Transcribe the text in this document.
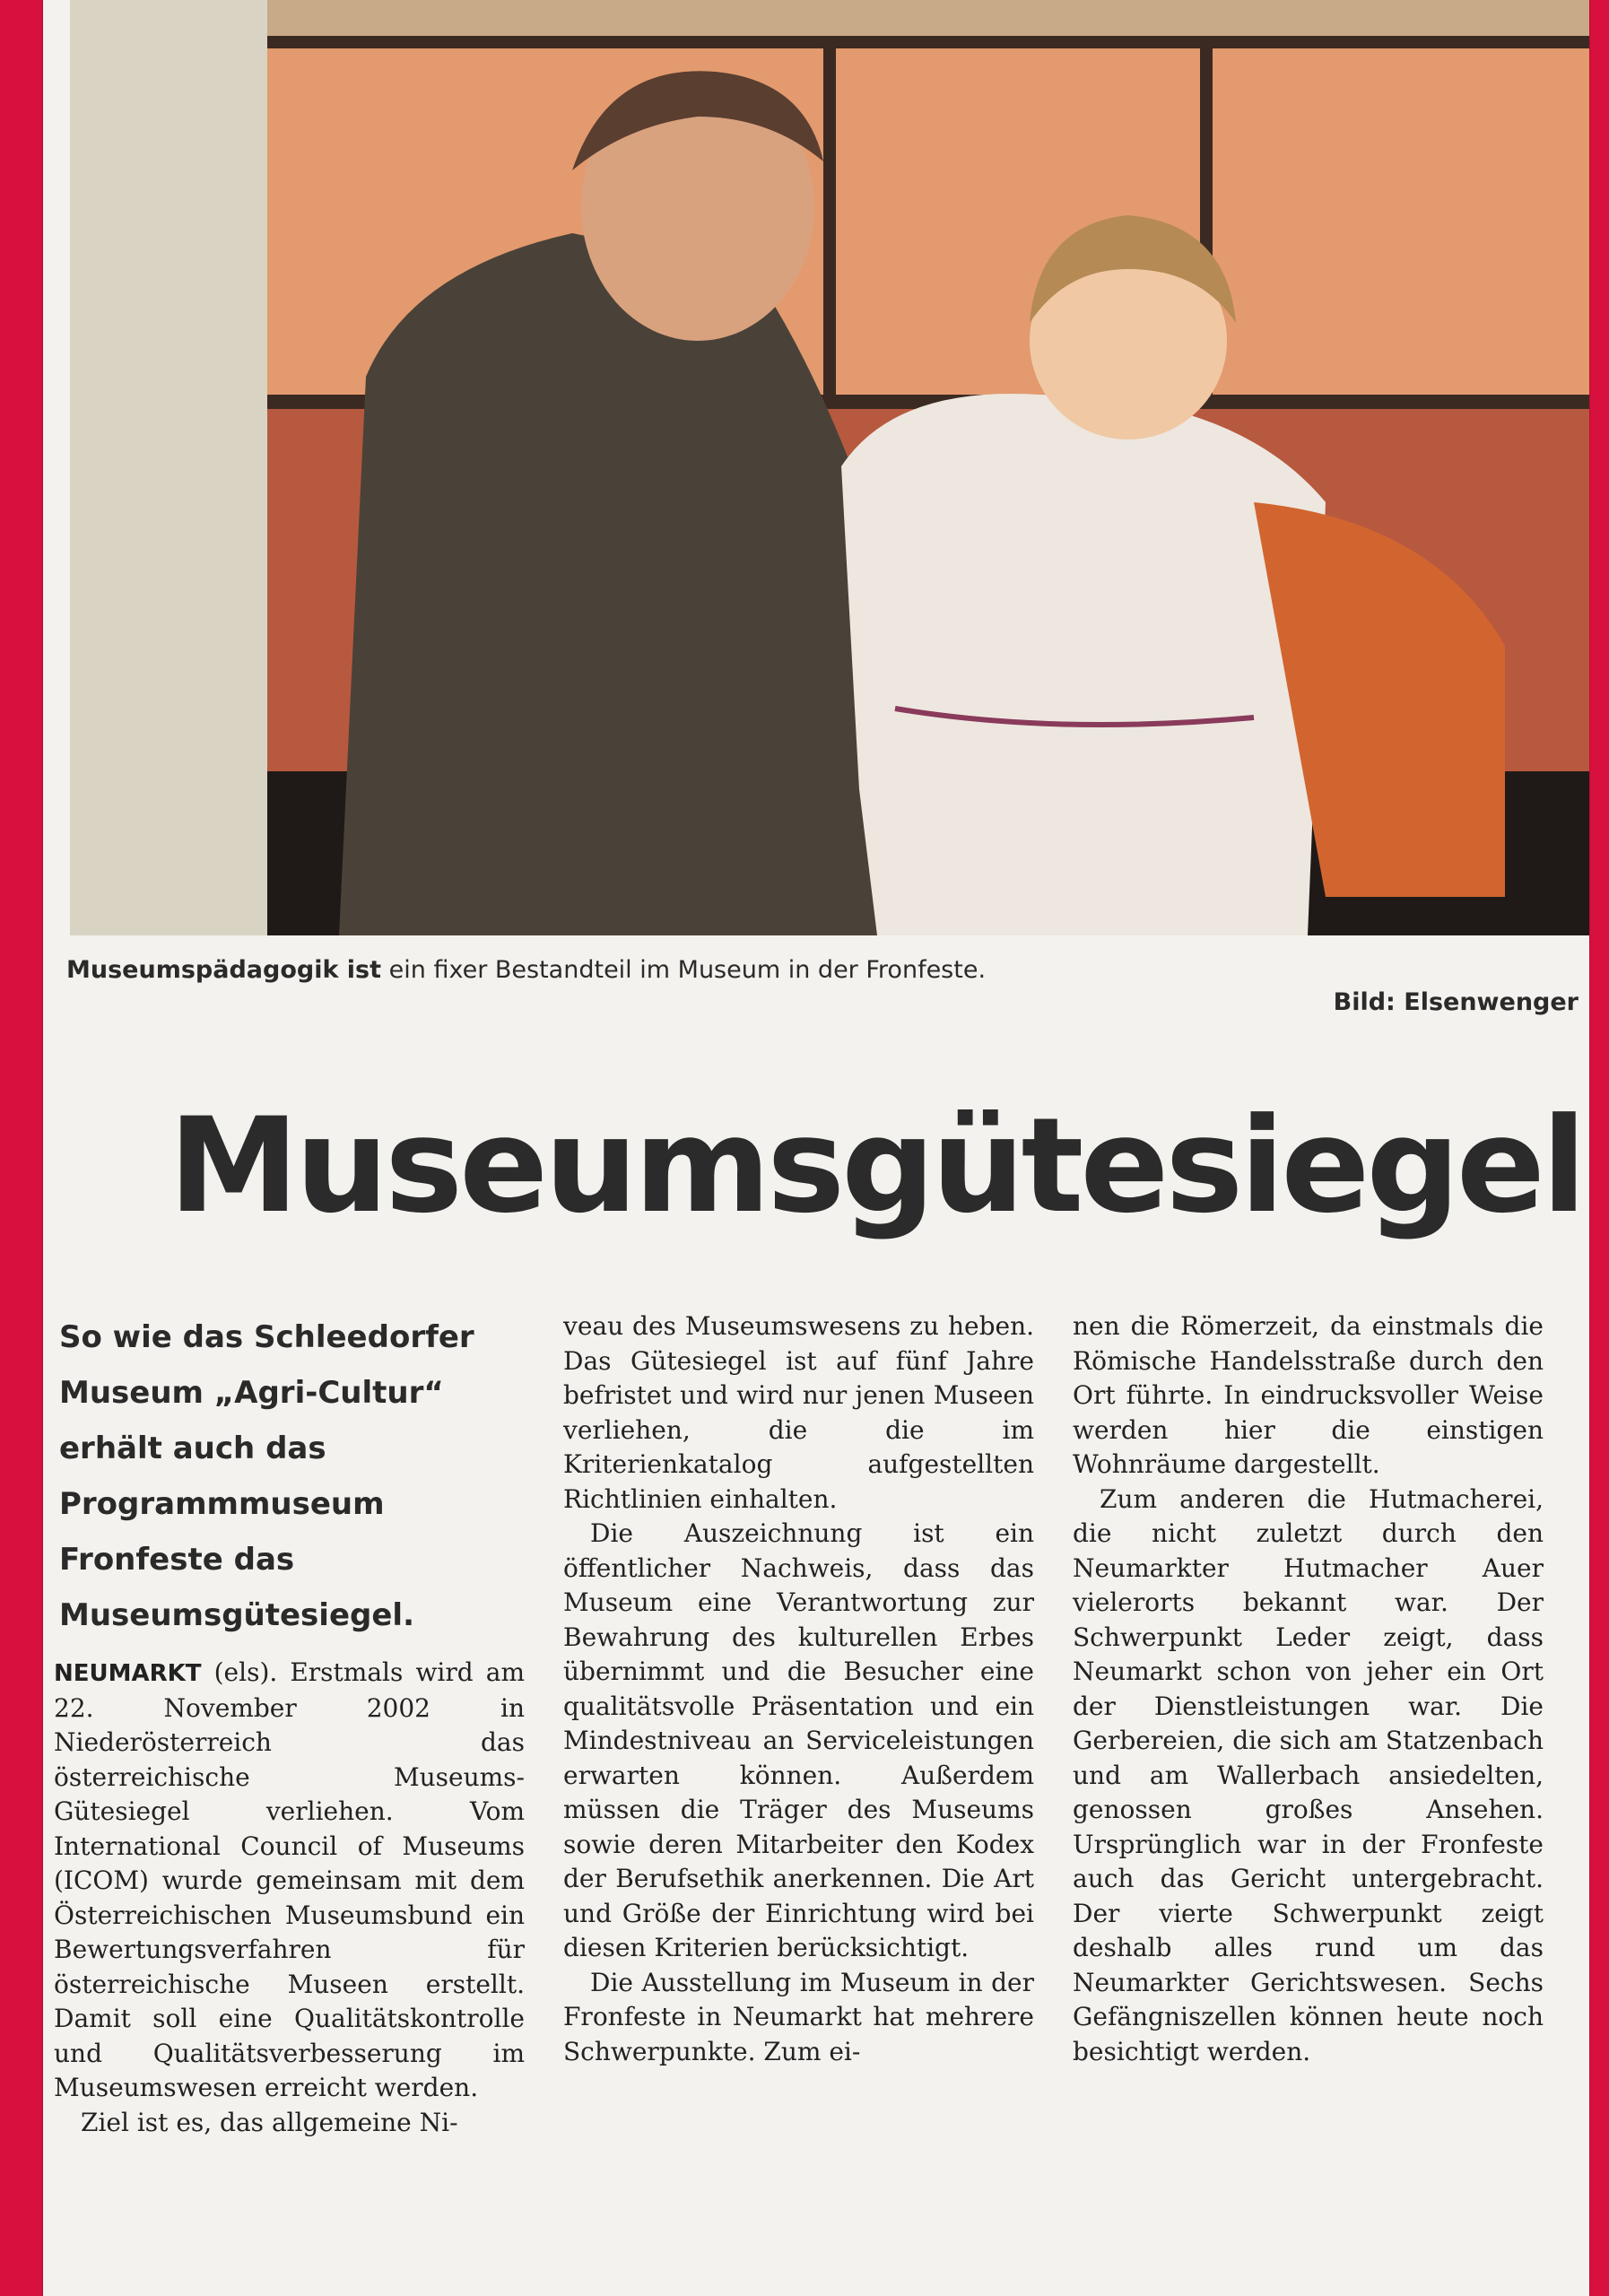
Museumspädagogik ist ein fixer Bestandteil im Museum in der Fronfeste.
Bild: Elsenwenger
Museumsgütesiegel
So wie das Schleedorfer Museum „Agri-Cultur“ erhält auch das Programmmuseum Fronfeste das Museumsgütesiegel.

NEUMARKT (els). Erstmals wird am 22. November 2002 in Niederösterreich das österreichische Museums-Gütesiegel verliehen. Vom International Council of Museums (ICOM) wurde gemeinsam mit dem Österreichischen Museumsbund ein Bewertungsverfahren für österreichische Museen erstellt. Damit soll eine Qualitätskontrolle und Qualitätsverbesserung im Museumswesen erreicht werden.

Ziel ist es, das allgemeine Ni-

veau des Museumswesens zu heben. Das Gütesiegel ist auf fünf Jahre befristet und wird nur jenen Museen verliehen, die die im Kriterienkatalog aufgestellten Richtlinien einhalten.

Die Auszeichnung ist ein öffentlicher Nachweis, dass das Museum eine Verantwortung zur Bewahrung des kulturellen Erbes übernimmt und die Besucher eine qualitätsvolle Präsentation und ein Mindestniveau an Serviceleistungen erwarten können. Außerdem müssen die Träger des Museums sowie deren Mitarbeiter den Kodex der Berufsethik anerkennen. Die Art und Größe der Einrichtung wird bei diesen Kriterien berücksichtigt.

Die Ausstellung im Museum in der Fronfeste in Neumarkt hat mehrere Schwerpunkte. Zum ei-

nen die Römerzeit, da einstmals die Römische Handelsstraße durch den Ort führte. In eindrucksvoller Weise werden hier die einstigen Wohnräume dargestellt.

Zum anderen die Hutmacherei, die nicht zuletzt durch den Neumarkter Hutmacher Auer vielerorts bekannt war. Der Schwerpunkt Leder zeigt, dass Neumarkt schon von jeher ein Ort der Dienstleistungen war. Die Gerbereien, die sich am Statzenbach und am Wallerbach ansiedelten, genossen großes Ansehen. Ursprünglich war in der Fronfeste auch das Gericht untergebracht. Der vierte Schwerpunkt zeigt deshalb alles rund um das Neumarkter Gerichtswesen. Sechs Gefängniszellen können heute noch besichtigt werden.
